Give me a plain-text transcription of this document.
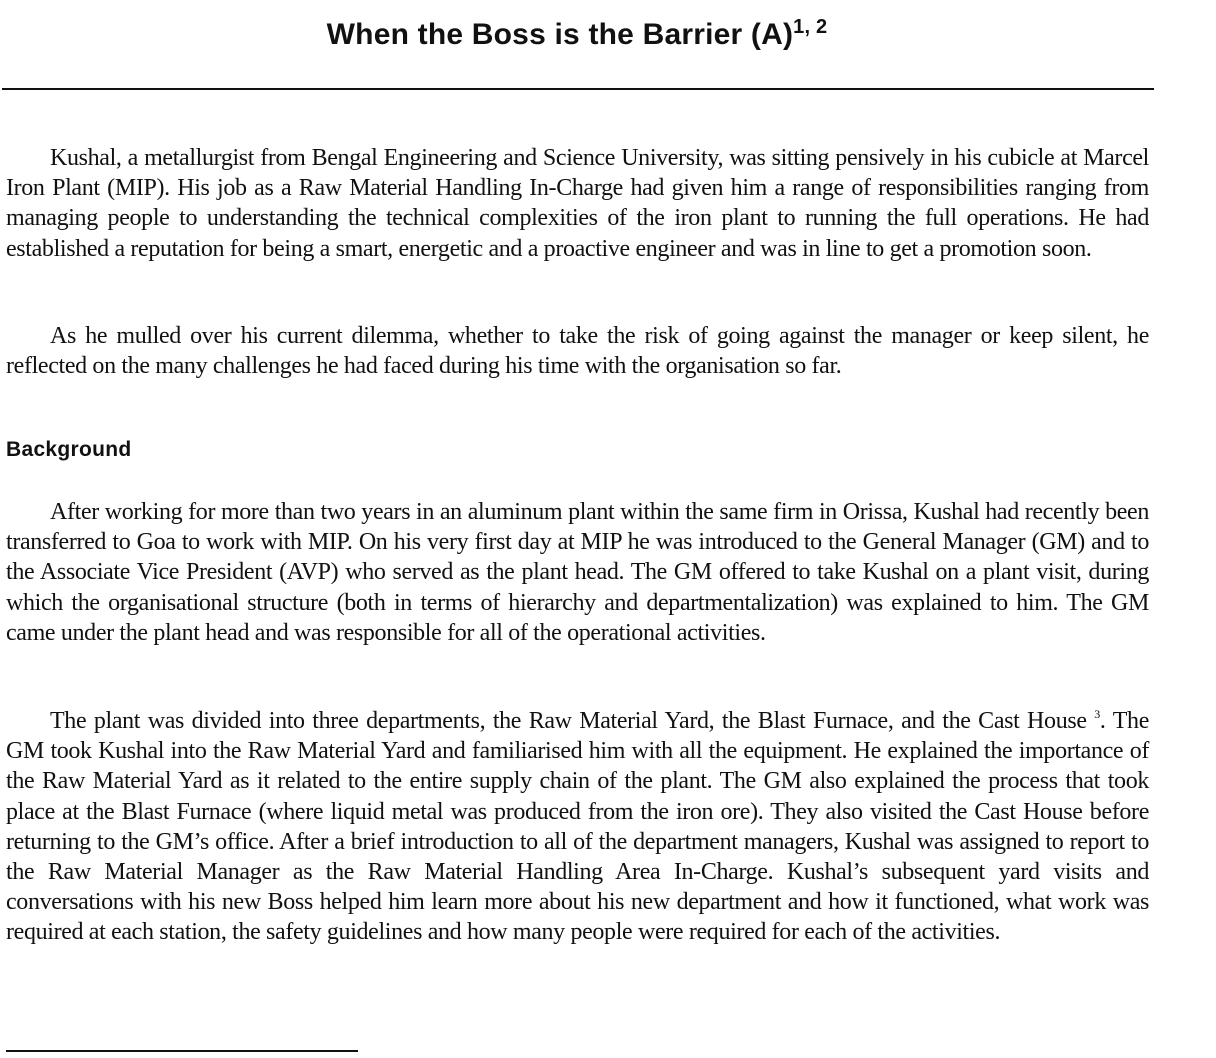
When the Boss is the Barrier $(A)^{1, 2}$

Kushal, a metallurgist from Bengal Engineering and Science University, was sitting pensively in his cubicle at Marcel Iron Plant (MIP). His job as a Raw Material Handling In-Charge had given him a range of responsibilities ranging from managing people to understanding the technical complexities of the iron plant to running the full operations. He had established a reputation for being a smart, energetic and a proactive engineer and was in line to get a promotion soon.

As he mulled over his current dilemma, whether to take the risk of going against the manager or keep silent, he reflected on the many challenges he had faced during his time with the organisation so far.

Background

After working for more than two years in an aluminum plant within the same firm in Orissa, Kushal had recently been transferred to Goa to work with MIP. On his very first day at MIP he was introduced to the General Manager (GM) and to the Associate Vice President (AVP) who served as the plant head. The GM offered to take Kushal on a plant visit, during which the organisational structure (both in terms of hierarchy and departmentalization) was explained to him. The GM came under the plant head and was responsible for all of the operational activities.

The plant was divided into three departments, the Raw Material Yard, the Blast Furnace, and the Cast House $^3$. The GM took Kushal into the Raw Material Yard and familiarised him with all the equipment. He explained the importance of the Raw Material Yard as it related to the entire supply chain of the plant. The GM also explained the process that took place at the Blast Furnace (where liquid metal was produced from the iron ore). They also visited the Cast House before returning to the GM’s office. After a brief introduction to all of the department managers, Kushal was assigned to report to the Raw Material Manager as the Raw Material Handling Area In-Charge. Kushal’s subsequent yard visits and conversations with his new Boss helped him learn more about his new department and how it functioned, what work was required at each station, the safety guidelines and how many people were required for each of the activities.
